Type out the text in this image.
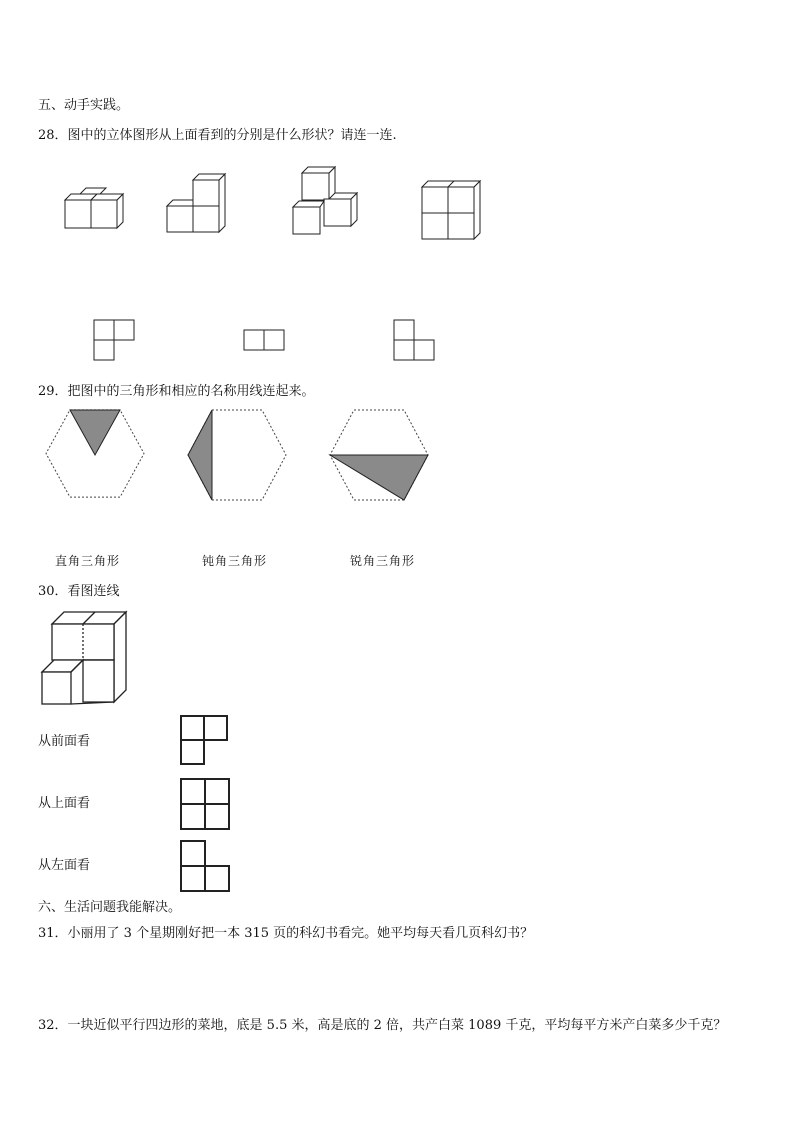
五、动手实践。
28．图中的立体图形从上面看到的分别是什么形状？请连一连.
29．把图中的三角形和相应的名称用线连起来。
直角三角形	钝角三角形	锐角三角形
30．看图连线
从前面看
从上面看
从左面看
六、生活问题我能解决。
31．小丽用了 3 个星期刚好把一本 315 页的科幻书看完。她平均每天看几页科幻书？
32．一块近似平行四边形的菜地，底是 5.5 米，高是底的 2 倍，共产白菜 1089 千克，平均每平方米产白菜多少千克？
